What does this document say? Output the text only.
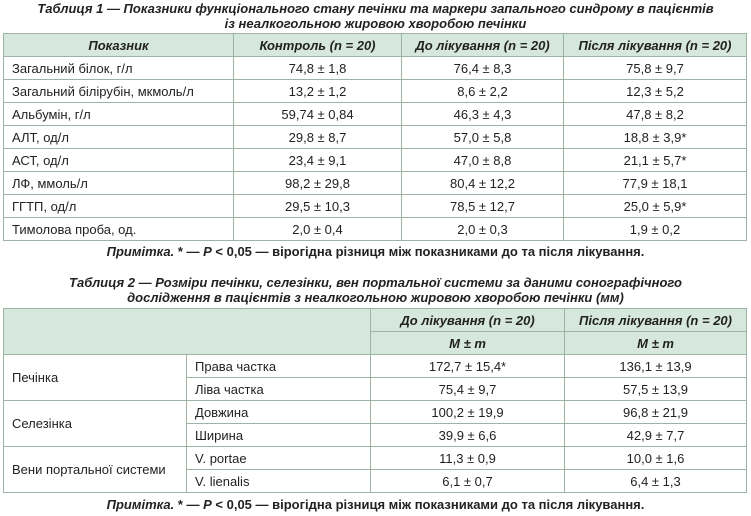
Таблиця 1 — Показники функціонального стану печінки та маркери запального синдрому в пацієнтів
із неалкогольною жировою хворобою печінки
Показник	Контроль (n = 20)	До лікування (n = 20)	Після лікування (n = 20)
Загальний білок, г/л	74,8 ± 1,8	76,4 ± 8,3	75,8 ± 9,7
Загальний білірубін, мкмоль/л	13,2 ± 1,2	8,6 ± 2,2	12,3 ± 5,2
Альбумін, г/л	59,74 ± 0,84	46,3 ± 4,3	47,8 ± 8,2
АЛТ, од/л	29,8 ± 8,7	57,0 ± 5,8	18,8 ± 3,9*
АСТ, од/л	23,4 ± 9,1	47,0 ± 8,8	21,1 ± 5,7*
ЛФ, ммоль/л	98,2 ± 29,8	80,4 ± 12,2	77,9 ± 18,1
ГГТП, од/л	29,5 ± 10,3	78,5 ± 12,7	25,0 ± 5,9*
Тимолова проба, од.	2,0 ± 0,4	2,0 ± 0,3	1,9 ± 0,2
Примітка. * — P < 0,05 — вірогідна різниця між показниками до та після лікування.
Таблиця 2 — Розміри печінки, селезінки, вен портальної системи за даними сонографічного
дослідження в пацієнтів з неалкогольною жировою хворобою печінки (мм)
		До лікування (n = 20)	Після лікування (n = 20)
		M ± m	M ± m
Печінка	Права частка	172,7 ± 15,4*	136,1 ± 13,9
	Ліва частка	75,4 ± 9,7	57,5 ± 13,9
Селезінка	Довжина	100,2 ± 19,9	96,8 ± 21,9
	Ширина	39,9 ± 6,6	42,9 ± 7,7
Вени портальної системи	V. portae	11,3 ± 0,9	10,0 ± 1,6
	V. lienalis	6,1 ± 0,7	6,4 ± 1,3
Примітка. * — P < 0,05 — вірогідна різниця між показниками до та після лікування.
